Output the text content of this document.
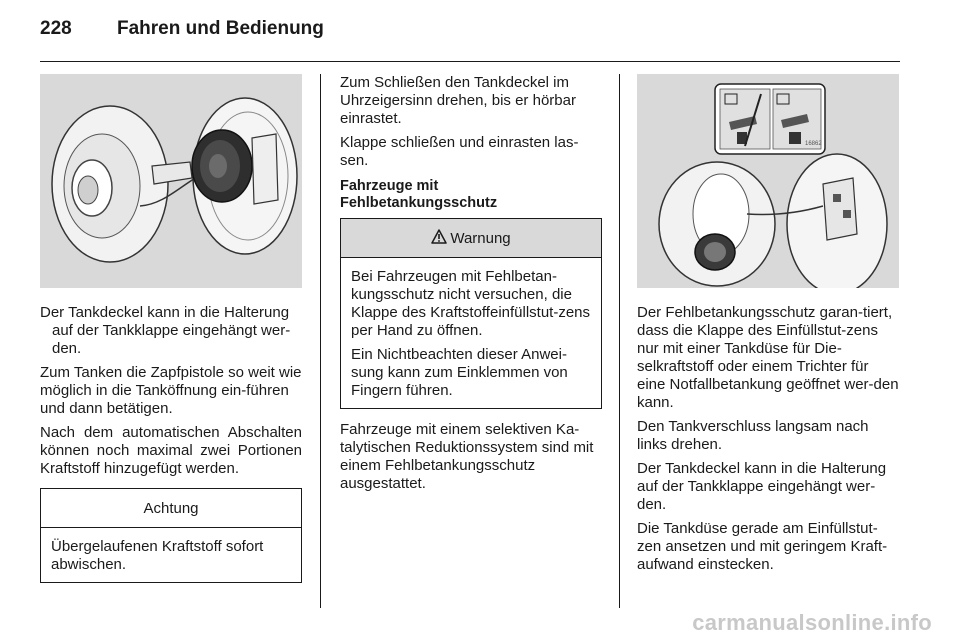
228	Fahren und Bedienung

Der Tankdeckel kann in die Halterung auf der Tankklappe eingehängt wer-den.

Zum Tanken die Zapfpistole so weit wie möglich in die Tanköffnung ein-führen und dann betätigen.

Nach dem automatischen Abschalten können noch maximal zwei Portionen Kraftstoff hinzugefügt werden.

Achtung

Übergelaufenen Kraftstoff sofort abwischen.

Zum Schließen den Tankdeckel im Uhrzeigersinn drehen, bis er hörbar einrastet.

Klappe schließen und einrasten las-sen.

Fahrzeuge mit
Fehlbetankungsschutz
Warnung

Bei Fahrzeugen mit Fehlbetan-kungsschutz nicht versuchen, die Klappe des Kraftstoffeinfüllstut-zens per Hand zu öffnen.

Ein Nichtbeachten dieser Anwei-sung kann zum Einklemmen von Fingern führen.

Fahrzeuge mit einem selektiven Ka-talytischen Reduktionssystem sind mit einem Fehlbetankungsschutz ausgestattet.

16862

Der Fehlbetankungsschutz garan-tiert, dass die Klappe des Einfüllstut-zens nur mit einer Tankdüse für Die-selkraftstoff oder einem Trichter für eine Notfallbetankung geöffnet wer-den kann.

Den Tankverschluss langsam nach links drehen.

Der Tankdeckel kann in die Halterung auf der Tankklappe eingehängt wer-den.

Die Tankdüse gerade am Einfüllstut-zen ansetzen und mit geringem Kraft-aufwand einstecken.

carmanualsonline.info
